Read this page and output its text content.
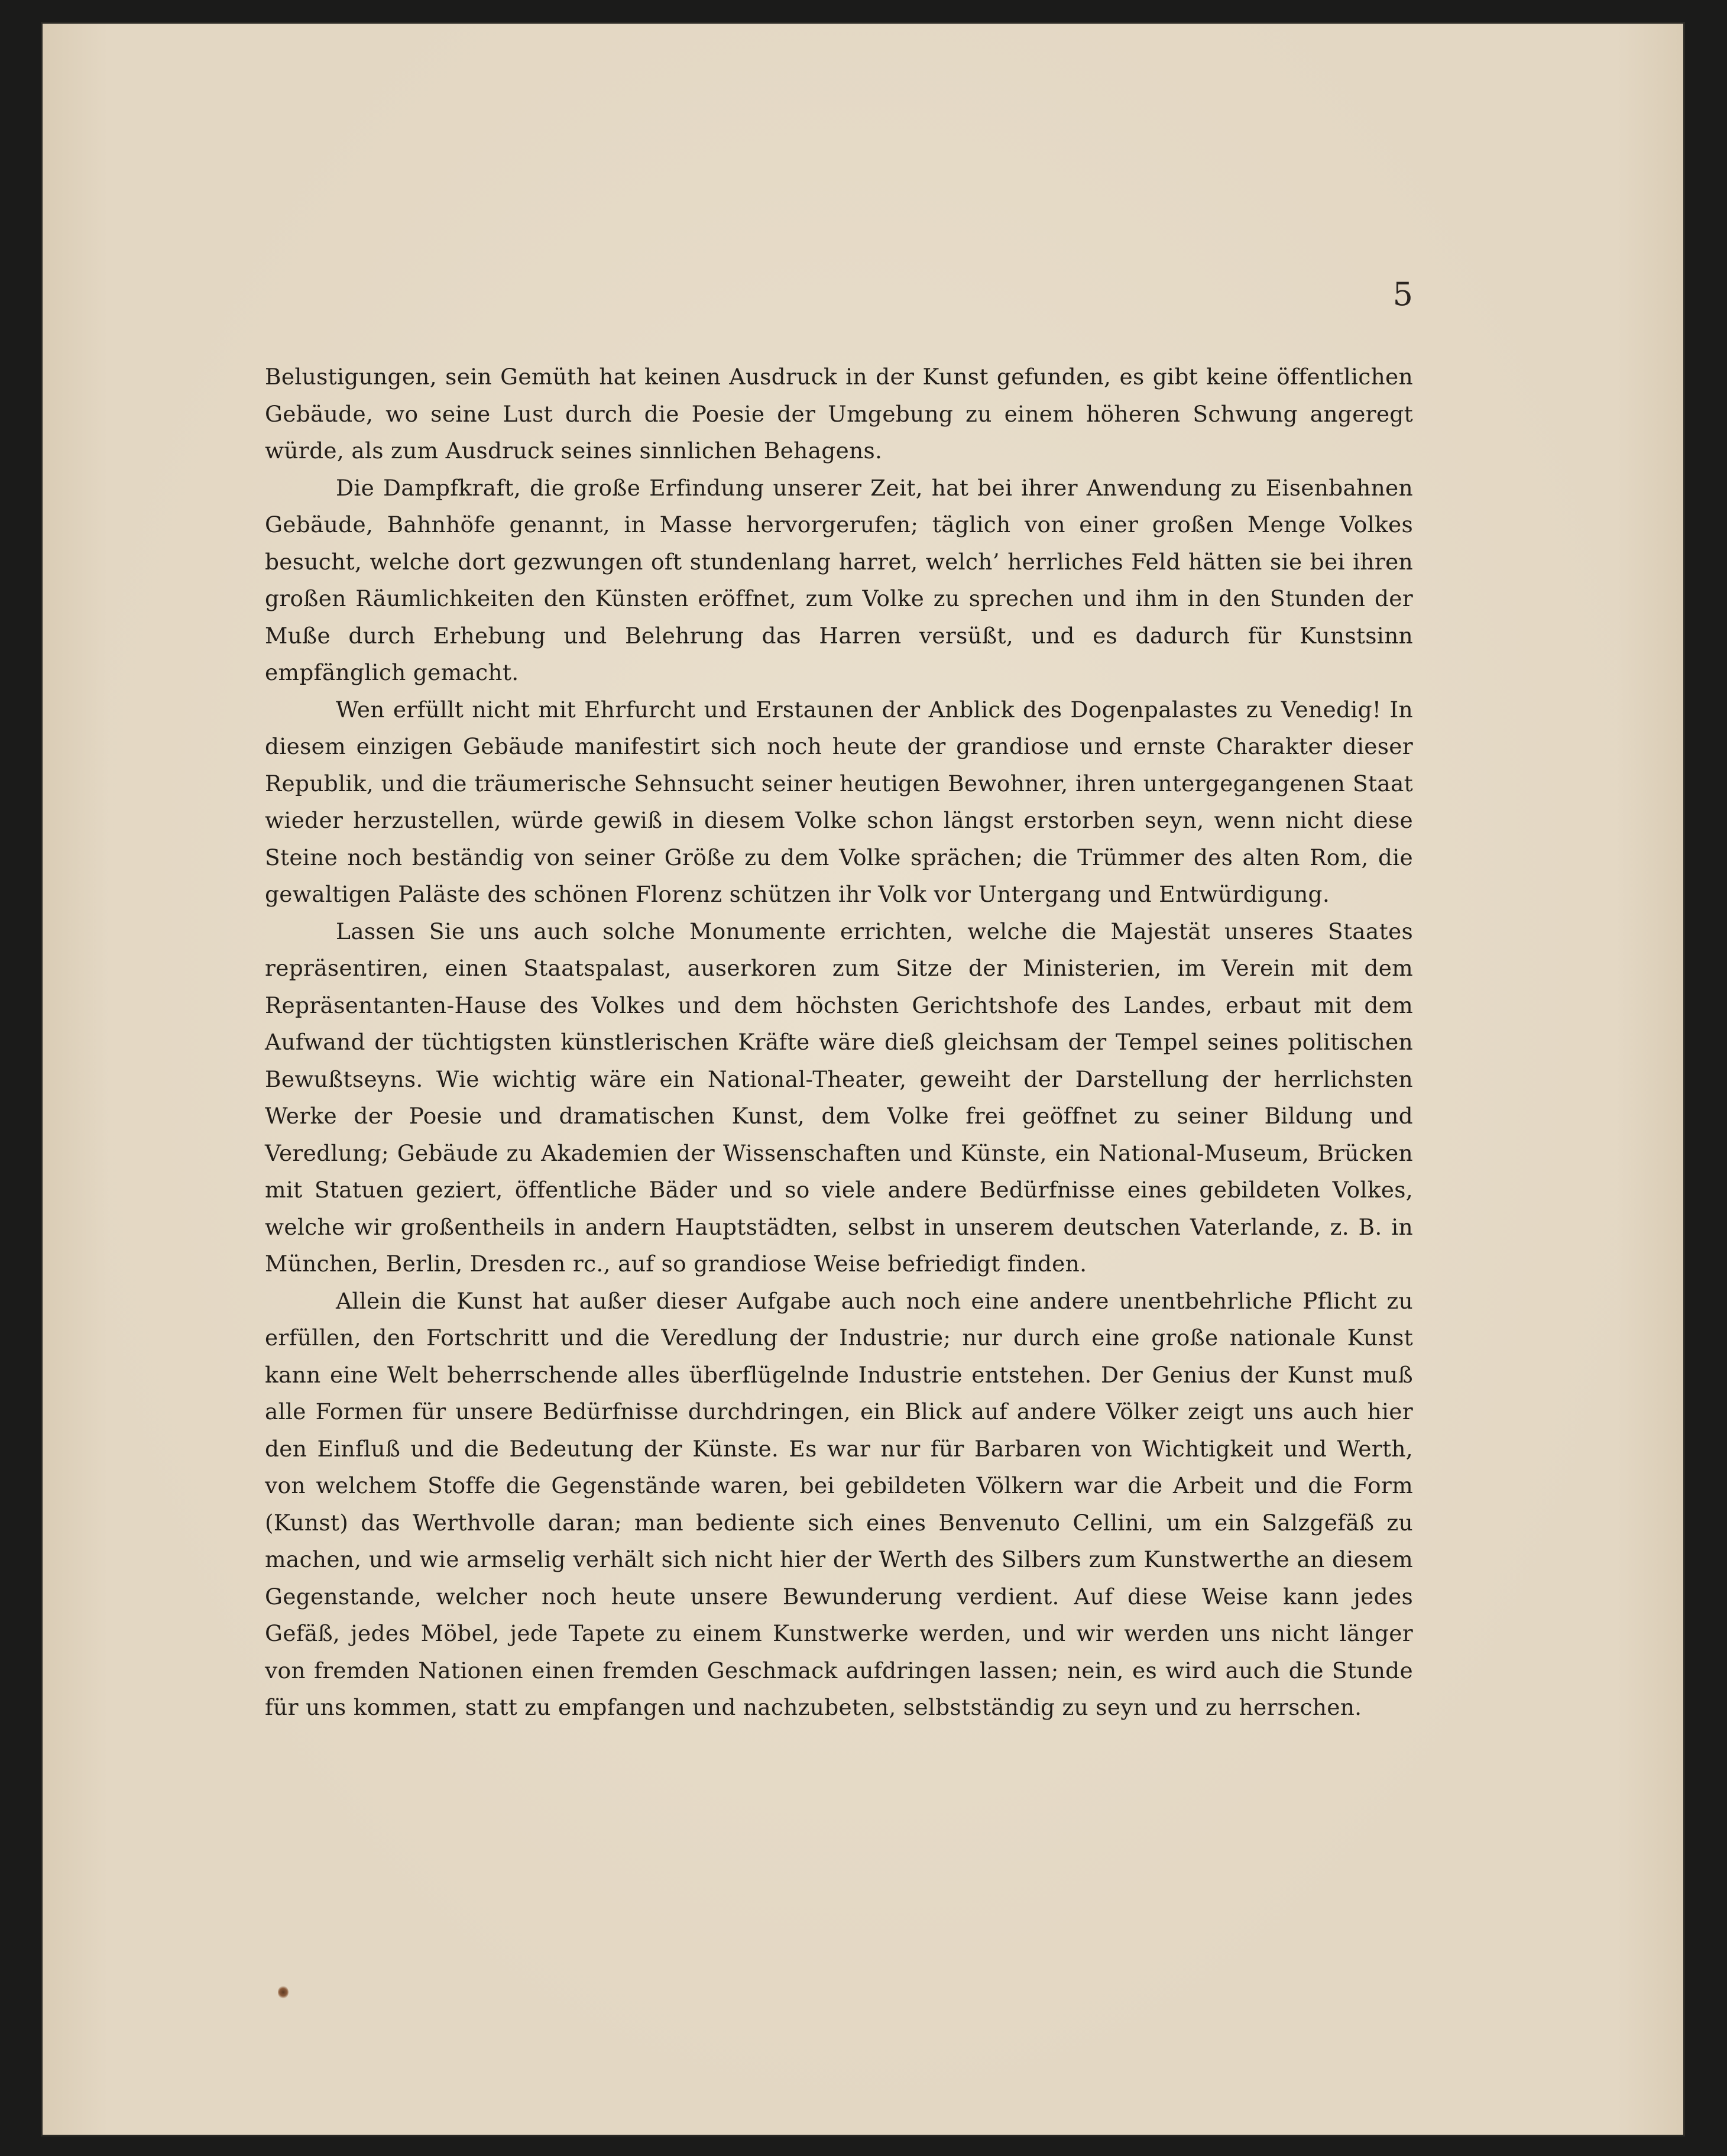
5

Belustigungen, sein Gemüth hat keinen Ausdruck in der Kunst gefunden, es gibt keine öffentlichen Gebäude, wo seine Lust durch die Poesie der Umgebung zu einem höheren Schwung angeregt würde, als zum Ausdruck seines sinnlichen Behagens.

Die Dampfkraft, die große Erfindung unserer Zeit, hat bei ihrer Anwendung zu Eisenbahnen Gebäude, Bahnhöfe genannt, in Masse hervorgerufen; täglich von einer großen Menge Volkes besucht, welche dort gezwungen oft stundenlang harret, welch’ herrliches Feld hätten sie bei ihren großen Räumlichkeiten den Künsten eröffnet, zum Volke zu sprechen und ihm in den Stunden der Muße durch Erhebung und Belehrung das Harren versüßt, und es dadurch für Kunstsinn empfänglich gemacht.

Wen erfüllt nicht mit Ehrfurcht und Erstaunen der Anblick des Dogenpalastes zu Venedig! In diesem einzigen Gebäude manifestirt sich noch heute der grandiose und ernste Charakter dieser Republik, und die träumerische Sehnsucht seiner heutigen Bewohner, ihren untergegangenen Staat wieder herzustellen, würde gewiß in diesem Volke schon längst erstorben seyn, wenn nicht diese Steine noch beständig von seiner Größe zu dem Volke sprächen; die Trümmer des alten Rom, die gewaltigen Paläste des schönen Florenz schützen ihr Volk vor Untergang und Entwürdigung.

Lassen Sie uns auch solche Monumente errichten, welche die Majestät unseres Staates repräsentiren, einen Staatspalast, auserkoren zum Sitze der Ministerien, im Verein mit dem Repräsentanten-Hause des Volkes und dem höchsten Gerichtshofe des Landes, erbaut mit dem Aufwand der tüchtigsten künstlerischen Kräfte wäre dieß gleichsam der Tempel seines politischen Bewußtseyns. Wie wichtig wäre ein National-Theater, geweiht der Darstellung der herrlichsten Werke der Poesie und dramatischen Kunst, dem Volke frei geöffnet zu seiner Bildung und Veredlung; Gebäude zu Akademien der Wissenschaften und Künste, ein National-Museum, Brücken mit Statuen geziert, öffentliche Bäder und so viele andere Bedürfnisse eines gebildeten Volkes, welche wir großentheils in andern Hauptstädten, selbst in unserem deutschen Vaterlande, z. B. in München, Berlin, Dresden rc., auf so grandiose Weise befriedigt finden.

Allein die Kunst hat außer dieser Aufgabe auch noch eine andere unentbehrliche Pflicht zu erfüllen, den Fortschritt und die Veredlung der Industrie; nur durch eine große nationale Kunst kann eine Welt beherrschende alles überflügelnde Industrie entstehen. Der Genius der Kunst muß alle Formen für unsere Bedürfnisse durchdringen, ein Blick auf andere Völker zeigt uns auch hier den Einfluß und die Bedeutung der Künste. Es war nur für Barbaren von Wichtigkeit und Werth, von welchem Stoffe die Gegenstände waren, bei gebildeten Völkern war die Arbeit und die Form (Kunst) das Werthvolle daran; man bediente sich eines Benvenuto Cellini, um ein Salzgefäß zu machen, und wie armselig verhält sich nicht hier der Werth des Silbers zum Kunstwerthe an diesem Gegenstande, welcher noch heute unsere Bewunderung verdient. Auf diese Weise kann jedes Gefäß, jedes Möbel, jede Tapete zu einem Kunstwerke werden, und wir werden uns nicht länger von fremden Nationen einen fremden Geschmack aufdringen lassen; nein, es wird auch die Stunde für uns kommen, statt zu empfangen und nachzubeten, selbstständig zu seyn und zu herrschen.
